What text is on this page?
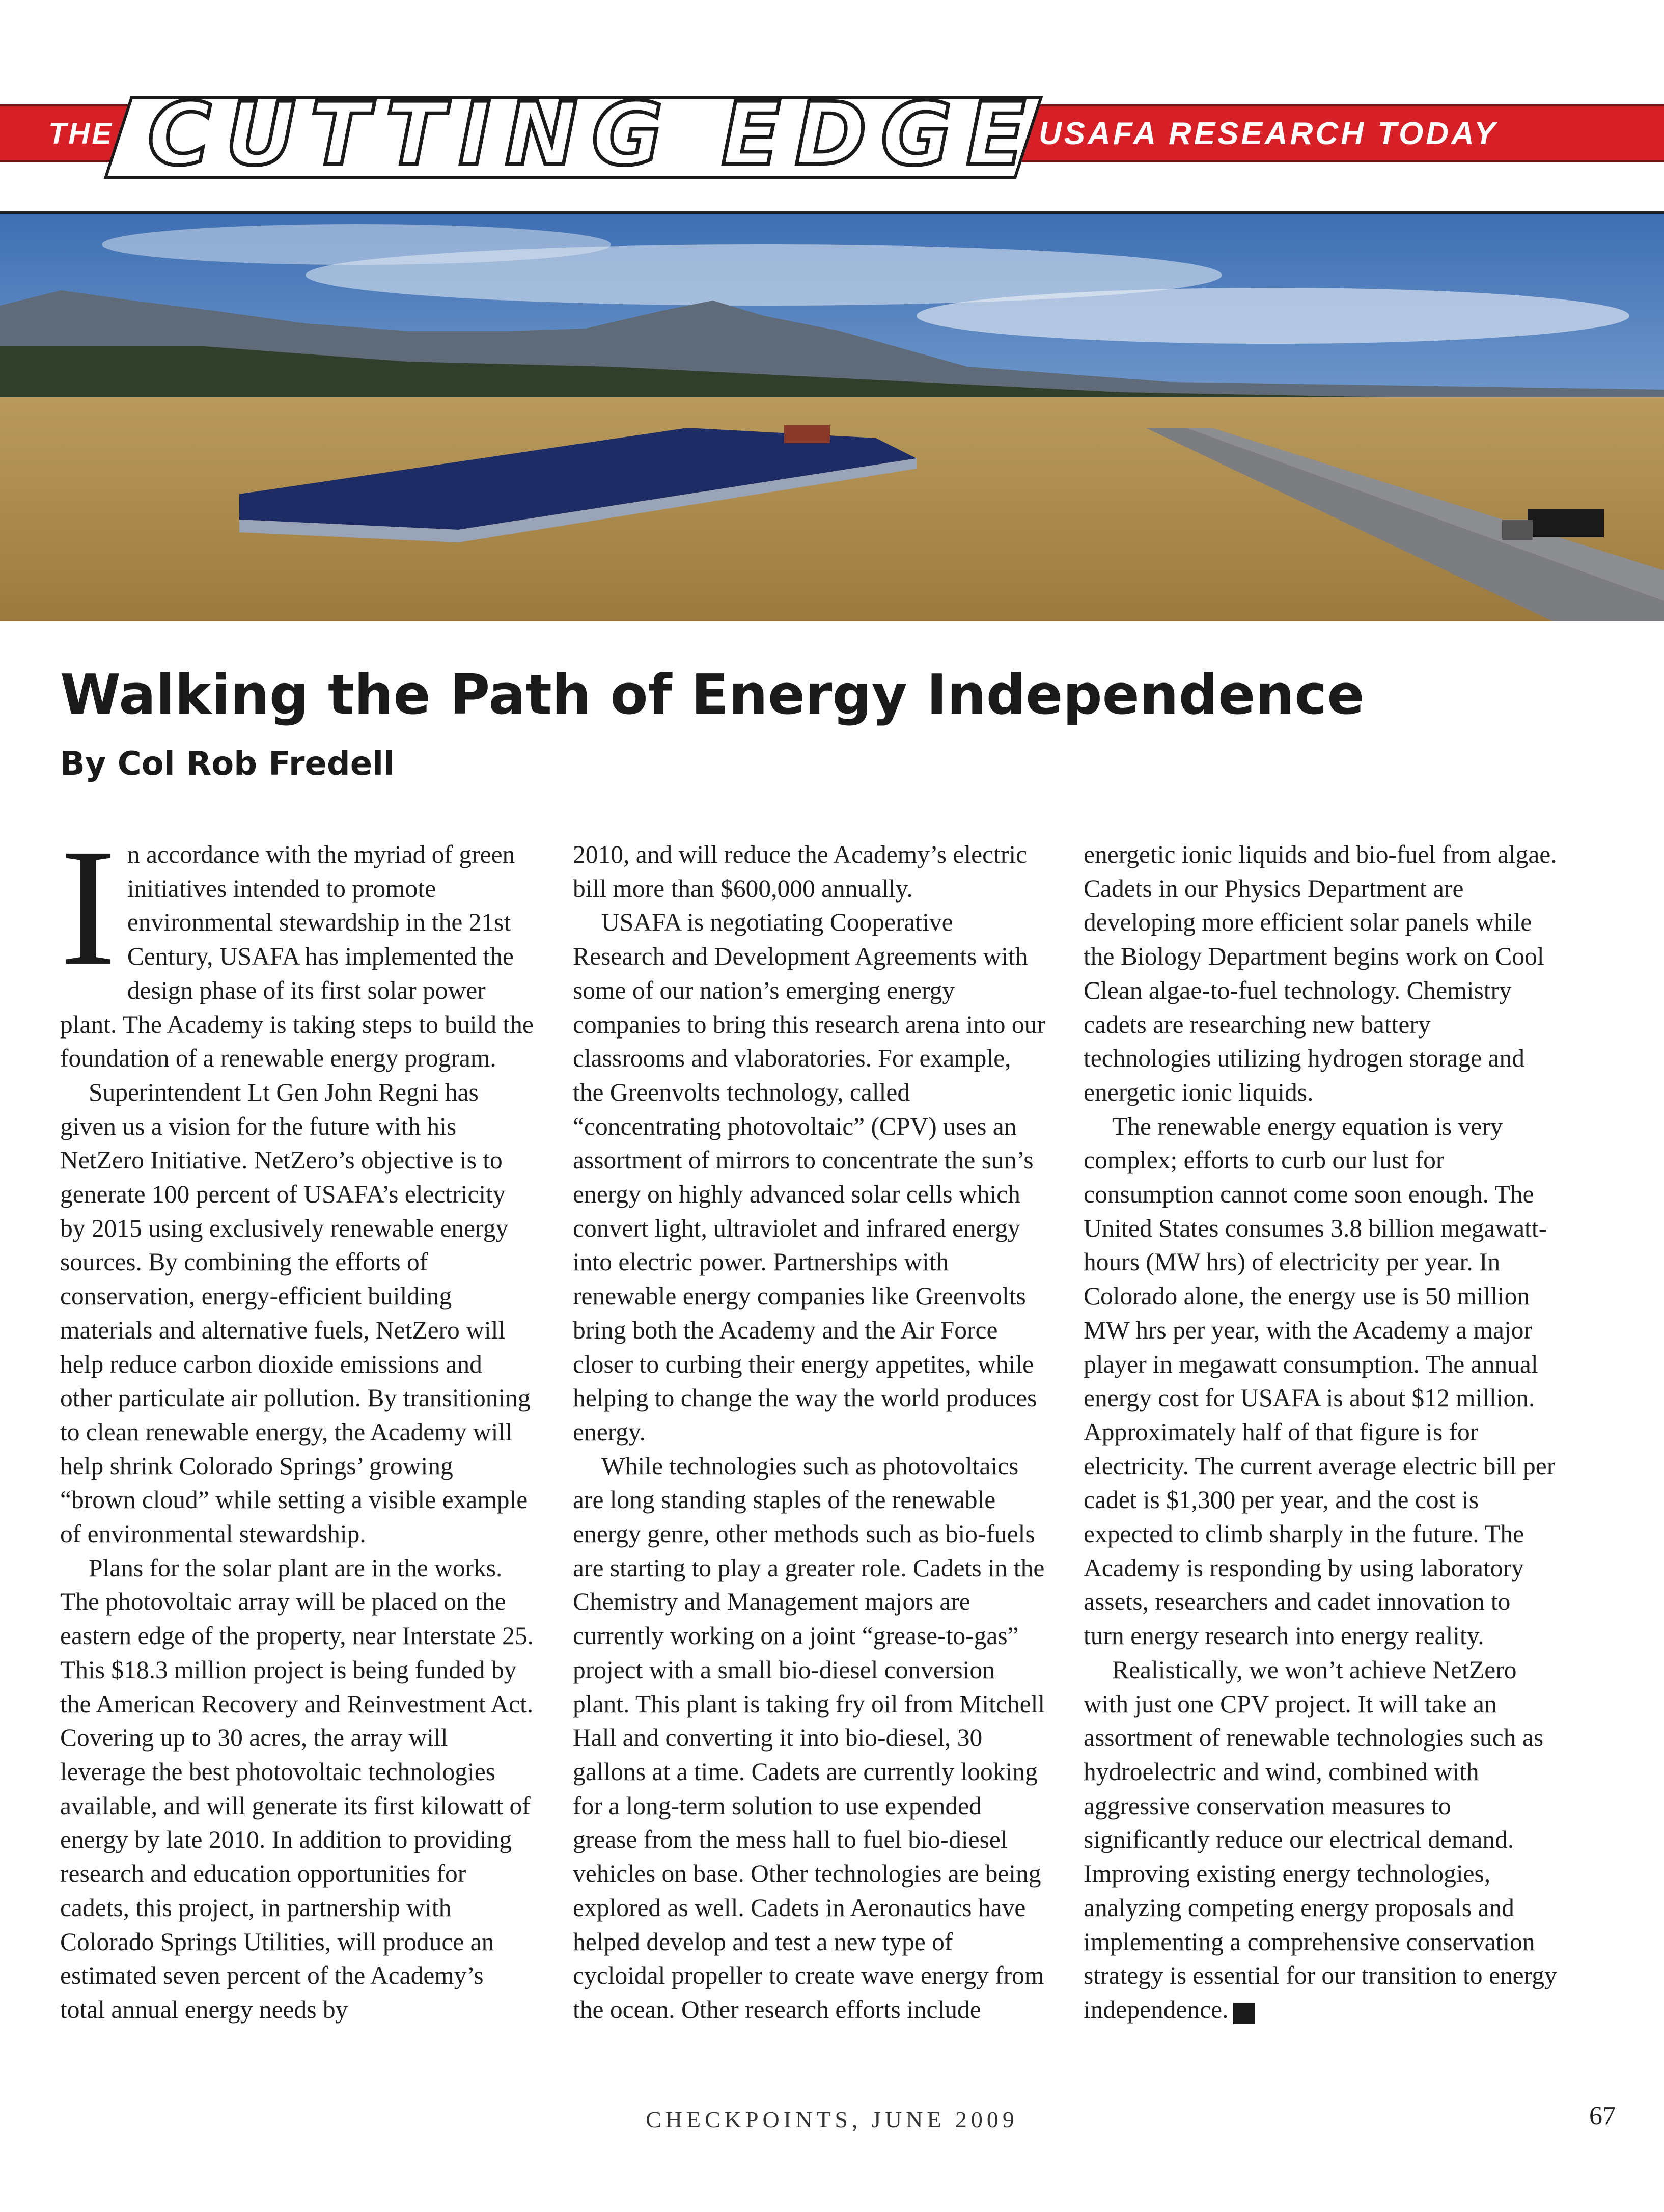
THE CUTTING EDGE
USAFA RESEARCH TODAY
Walking the Path of Energy Independence
By Col Rob Fredell

In accordance with the myriad of green initiatives intended to promote environmental stewardship in the 21st Century, USAFA has implemented the design phase of its first solar power plant. The Academy is taking steps to build the foundation of a renewable energy program.

Superintendent Lt Gen John Regni has given us a vision for the future with his NetZero Initiative. NetZero’s objective is to generate 100 percent of USAFA’s electricity by 2015 using exclusively renewable energy sources. By combining the efforts of conservation, energy-efficient building materials and alternative fuels, NetZero will help reduce carbon dioxide emissions and other particulate air pollution. By transitioning to clean renewable energy, the Academy will help shrink Colorado Springs’ growing “brown cloud” while setting a visible example of environmental stewardship.

Plans for the solar plant are in the works. The photovoltaic array will be placed on the eastern edge of the property, near Interstate 25. This $18.3 million project is being funded by the American Recovery and Reinvestment Act. Covering up to 30 acres, the array will leverage the best photovoltaic technologies available, and will generate its first kilowatt of energy by late 2010. In addition to providing research and education opportunities for cadets, this project, in partnership with Colorado Springs Utilities, will produce an estimated seven percent of the Academy’s total annual energy needs by

2010, and will reduce the Academy’s electric bill more than $600,000 annually.

USAFA is negotiating Cooperative Research and Development Agreements with some of our nation’s emerging energy companies to bring this research arena into our classrooms and vlaboratories. For example, the Greenvolts technology, called “concentrating photovoltaic” (CPV) uses an assortment of mirrors to concentrate the sun’s energy on highly advanced solar cells which convert light, ultraviolet and infrared energy into electric power. Partnerships with renewable energy companies like Greenvolts bring both the Academy and the Air Force closer to curbing their energy appetites, while helping to change the way the world produces energy.

While technologies such as photovoltaics are long standing staples of the renewable energy genre, other methods such as bio-fuels are starting to play a greater role. Cadets in the Chemistry and Management majors are currently working on a joint “grease-to-gas” project with a small bio-diesel conversion plant. This plant is taking fry oil from Mitchell Hall and converting it into bio-diesel, 30 gallons at a time. Cadets are currently looking for a long-term solution to use expended grease from the mess hall to fuel bio-diesel vehicles on base. Other technologies are being explored as well. Cadets in Aeronautics have helped develop and test a new type of cycloidal propeller to create wave energy from the ocean. Other research efforts include

energetic ionic liquids and bio-fuel from algae. Cadets in our Physics Department are developing more efficient solar panels while the Biology Department begins work on Cool Clean algae-to-fuel technology. Chemistry cadets are researching new battery technologies utilizing hydrogen storage and energetic ionic liquids.

The renewable energy equation is very complex; efforts to curb our lust for consumption cannot come soon enough. The United States consumes 3.8 billion megawatt-hours (MW hrs) of electricity per year. In Colorado alone, the energy use is 50 million MW hrs per year, with the Academy a major player in megawatt consumption. The annual energy cost for USAFA is about $12 million. Approximately half of that figure is for electricity. The current average electric bill per cadet is $1,300 per year, and the cost is expected to climb sharply in the future. The Academy is responding by using laboratory assets, researchers and cadet innovation to turn energy research into energy reality.

Realistically, we won’t achieve NetZero with just one CPV project. It will take an assortment of renewable technologies such as hydroelectric and wind, combined with aggressive conservation measures to significantly reduce our electrical demand. Improving existing energy technologies, analyzing competing energy proposals and implementing a comprehensive conservation strategy is essential for our transition to energy independence. ✓

CHECKPOINTS, JUNE 2009	67
